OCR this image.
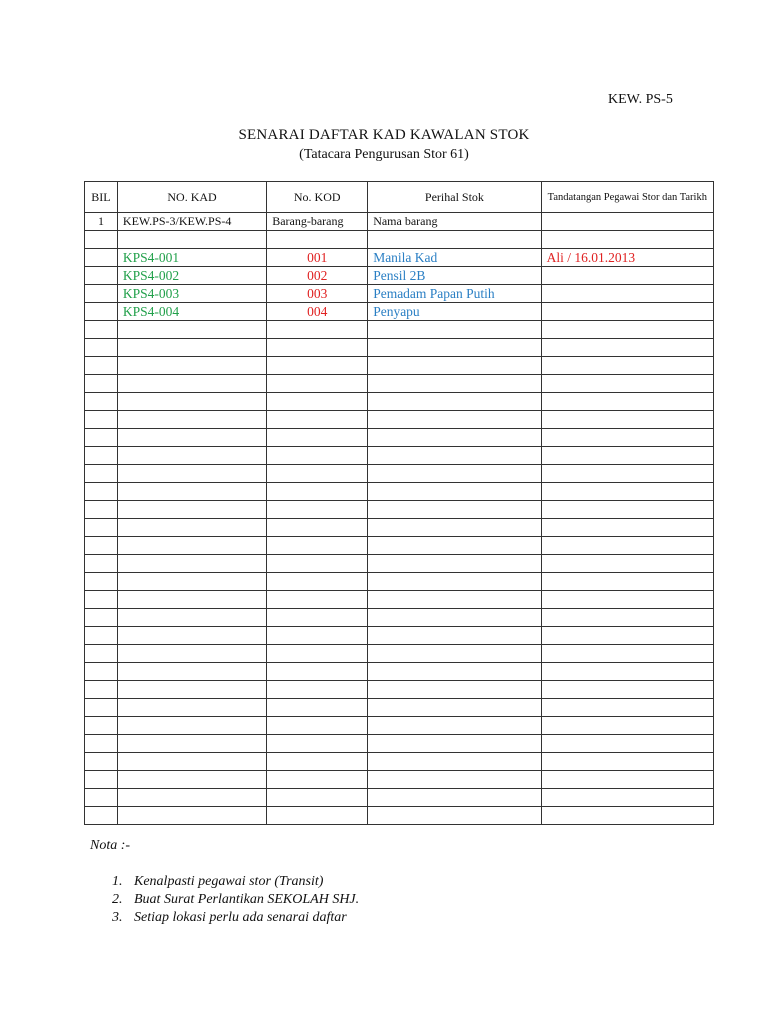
KEW. PS-5
SENARAI DAFTAR KAD KAWALAN STOK
(Tatacara Pengurusan Stor 61)
BIL	NO. KAD	No. KOD	Perihal Stok	Tandatangan Pegawai Stor dan Tarikh
1	KEW.PS-3/KEW.PS-4	Barang-barang	Nama barang	

	KPS4-001	001	Manila Kad	Ali / 16.01.2013
	KPS4-002	002	Pensil 2B	
	KPS4-003	003	Pemadam Papan Putih	
	KPS4-004	004	Penyapu	

Nota :-
1. Kenalpasti pegawai stor (Transit)
2. Buat Surat Perlantikan SEKOLAH SHJ.
3. Setiap lokasi perlu ada senarai daftar
